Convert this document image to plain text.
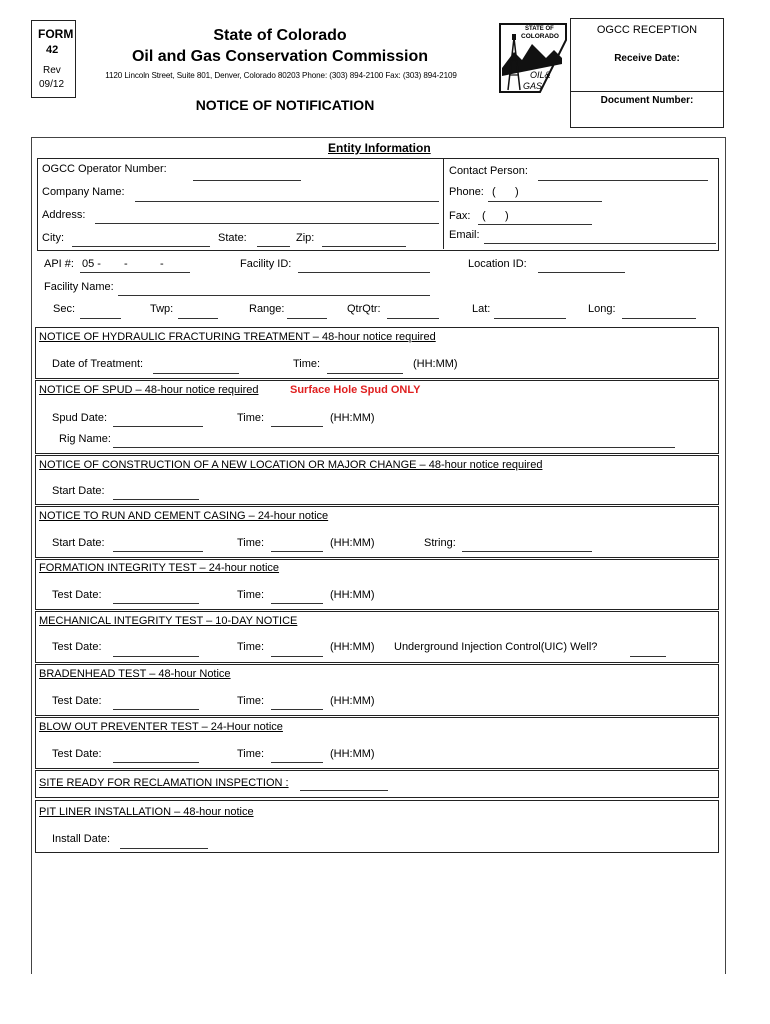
FORM
42
Rev
09/12
State of Colorado
Oil and Gas Conservation Commission
1120 Lincoln Street, Suite 801, Denver, Colorado 80203 Phone: (303) 894-2100 Fax: (303) 894-2109
NOTICE OF NOTIFICATION
STATE OF
COLORADO
OIL&
GAS
OGCC RECEPTION
Receive Date:
Document Number:
Entity Information
OGCC Operator Number:	Contact Person:
Company Name:	Phone: ( )
Address:	Fax: ( )
City:	State:	Zip:	Email:
API #: 05 - -	-	Facility ID:	Location ID:
Facility Name:
Sec:	Twp:	Range:	QtrQtr:	Lat:	Long:
NOTICE OF HYDRAULIC FRACTURING TREATMENT – 48-hour notice required
Date of Treatment:	Time:	(HH:MM)
NOTICE OF SPUD – 48-hour notice required	Surface Hole Spud ONLY
Spud Date:	Time:	(HH:MM)
Rig Name:
NOTICE OF CONSTRUCTION OF A NEW LOCATION OR MAJOR CHANGE – 48-hour notice required
Start Date:
NOTICE TO RUN AND CEMENT CASING – 24-hour notice
Start Date:	Time:	(HH:MM)	String:
FORMATION INTEGRITY TEST – 24-hour notice
Test Date:	Time:	(HH:MM)
MECHANICAL INTEGRITY TEST – 10-DAY NOTICE
Test Date:	Time:	(HH:MM) Underground Injection Control(UIC) Well?
BRADENHEAD TEST – 48-hour Notice
Test Date:	Time:	(HH:MM)
BLOW OUT PREVENTER TEST – 24-Hour notice
Test Date:	Time:	(HH:MM)
SITE READY FOR RECLAMATION INSPECTION :
PIT LINER INSTALLATION – 48-hour notice
Install Date:
